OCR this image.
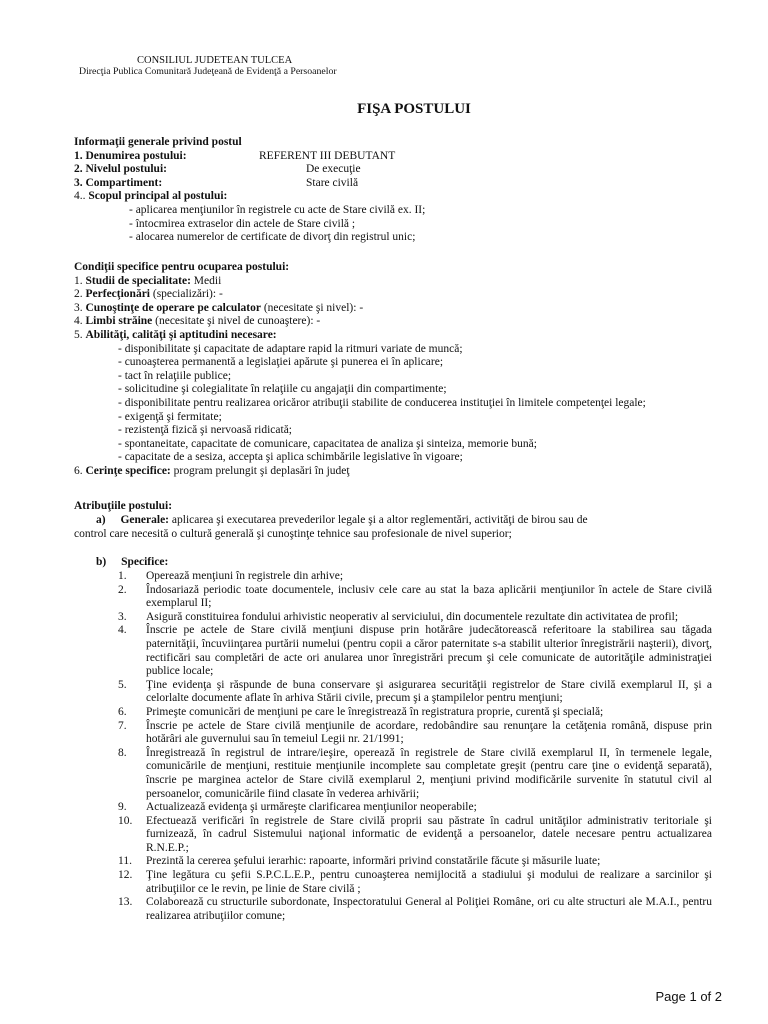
CONSILIUL JUDETEAN TULCEA
Direcţia Publica Comunitară Judeţeană de Evidenţă a Persoanelor
FIŞA POSTULUI
Informaţii generale privind postul
1. Denumirea postului:	REFERENT III DEBUTANT
2. Nivelul postului:	De execuţie
3. Compartiment:	Stare civilă
4.. Scopul principal al postului:
- aplicarea menţiunilor în registrele cu acte de Stare civilă ex. II;
- întocmirea extraselor din actele de Stare civilă ;
- alocarea numerelor de certificate de divorţ din registrul unic;
Condiţii specifice pentru ocuparea postului:
1. Studii de specialitate: Medii
2. Perfecţionări (specializări): -
3. Cunoştinţe de operare pe calculator (necesitate şi nivel): -
4. Limbi străine (necesitate şi nivel de cunoaştere): -
5. Abilităţi, calităţi şi aptitudini necesare:
- disponibilitate şi capacitate de adaptare rapid la ritmuri variate de muncă;
- cunoaşterea permanentă a legislaţiei apărute şi punerea ei în aplicare;
- tact în relaţiile publice;
- solicitudine şi colegialitate în relaţiile cu angajaţii din compartimente;
- disponibilitate pentru realizarea oricăror atribuţii stabilite de conducerea instituţiei în limitele competenţei legale;
- exigenţă şi fermitate;
- rezistenţă fizică şi nervoasă ridicată;
- spontaneitate, capacitate de comunicare, capacitatea de analiza şi sinteiza, memorie bună;
- capacitate de a sesiza, accepta şi aplica schimbările legislative în vigoare;
6. Cerinţe specifice: program prelungit şi deplasări în judeţ
Atribuţiile postului:
a) Generale: aplicarea şi executarea prevederilor legale şi a altor reglementări, activităţi de birou sau de
control care necesită o cultură generală şi cunoştinţe tehnice sau profesionale de nivel superior;
b) Specifice:
1. Operează menţiuni în registrele din arhive;
2. Îndosariază periodic toate documentele, inclusiv cele care au stat la baza aplicării menţiunilor în actele de Stare civilă exemplarul II;
3. Asigură constituirea fondului arhivistic neoperativ al serviciului, din documentele rezultate din activitatea de profil;
4. Înscrie pe actele de Stare civilă menţiuni dispuse prin hotărâre judecătorească referitoare la stabilirea sau tăgada paternităţii, încuviinţarea purtării numelui (pentru copii a căror paternitate s-a stabilit ulterior înregistrării naşterii), divorţ, rectificări sau completări de acte ori anularea unor înregistrări precum şi cele comunicate de autorităţile administraţiei publice locale;
5. Ţine evidenţa şi răspunde de buna conservare şi asigurarea securităţii registrelor de Stare civilă exemplarul II, şi a celorlalte documente aflate în arhiva Stării civile, precum şi a ştampilelor pentru menţiuni;
6. Primeşte comunicări de menţiuni pe care le înregistrează în registratura proprie, curentă şi specială;
7. Înscrie pe actele de Stare civilă menţiunile de acordare, redobândire sau renunţare la cetăţenia română, dispuse prin hotărâri ale guvernului sau în temeiul Legii nr. 21/1991;
8. Înregistrează în registrul de intrare/ieşire, operează în registrele de Stare civilă exemplarul II, în termenele legale, comunicările de menţiuni, restituie menţiunile incomplete sau completate greşit (pentru care ţine o evidenţă separată), înscrie pe marginea actelor de Stare civilă exemplarul 2, menţiuni privind modificările survenite în statutul civil al persoanelor, comunicările fiind clasate în vederea arhivării;
9. Actualizează evidenţa şi urmăreşte clarificarea menţiunilor neoperabile;
10. Efectuează verificări în registrele de Stare civilă proprii sau păstrate în cadrul unităţilor administrativ teritoriale şi furnizează, în cadrul Sistemului naţional informatic de evidenţă a persoanelor, datele necesare pentru actualizarea R.N.E.P.;
11. Prezintă la cererea şefului ierarhic: rapoarte, informări privind constatările făcute şi măsurile luate;
12. Ţine legătura cu şefii S.P.C.L.E.P., pentru cunoaşterea nemijlocită a stadiului şi modului de realizare a sarcinilor şi atribuţiilor ce le revin, pe linie de Stare civilă ;
13. Colaborează cu structurile subordonate, Inspectoratului General al Poliţiei Române, ori cu alte structuri ale M.A.I., pentru realizarea atribuţiilor comune;
Page 1 of 2
